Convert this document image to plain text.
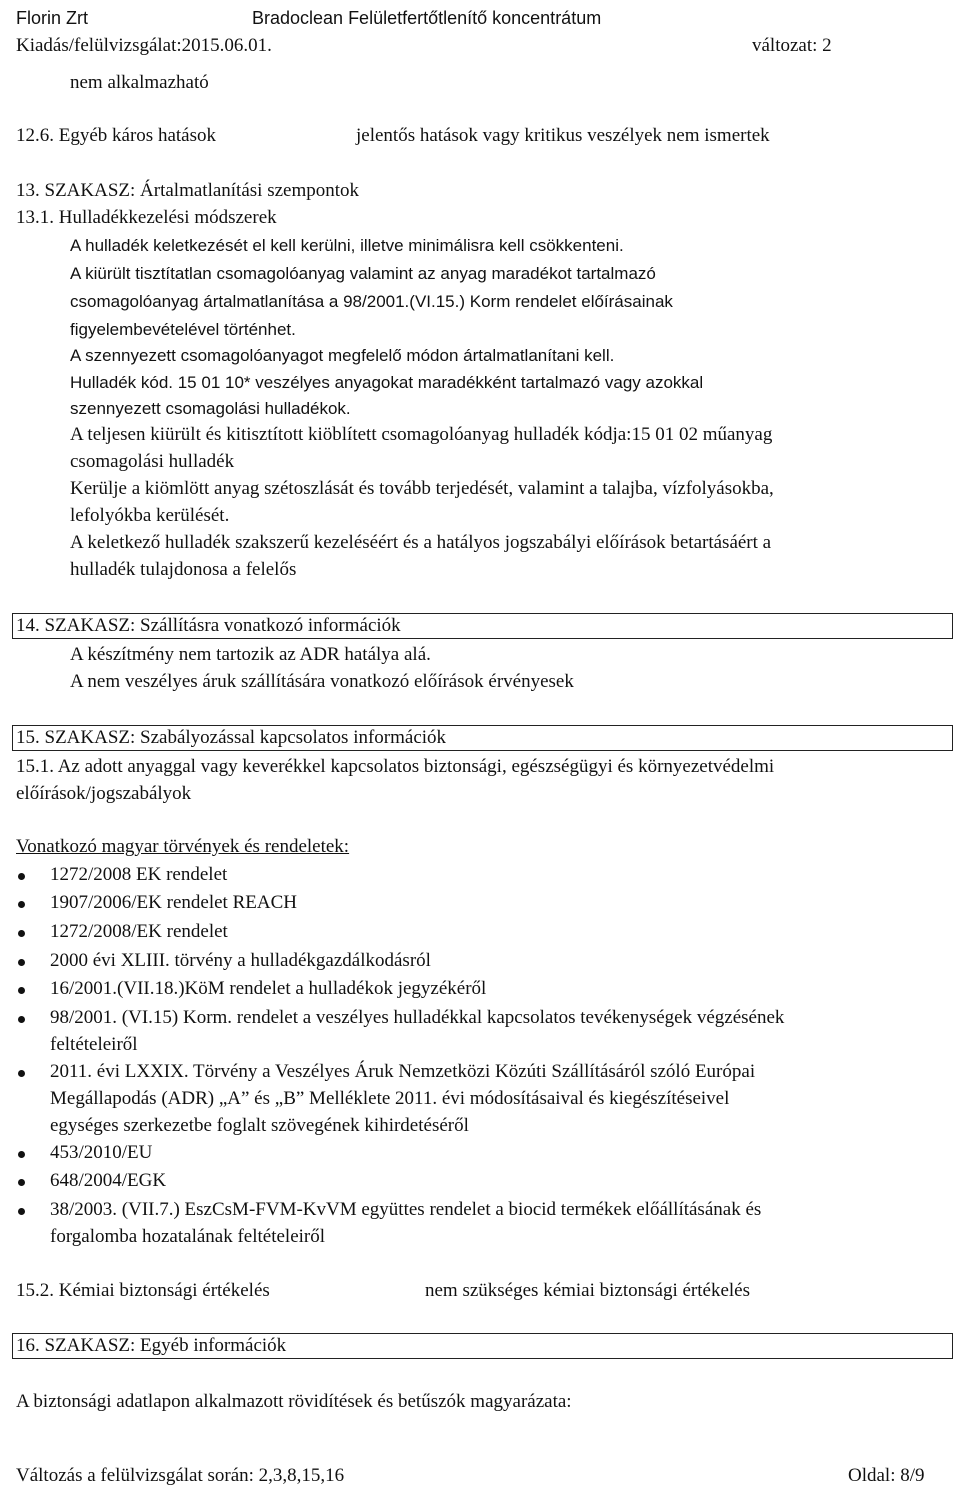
Florin Zrt	Bradoclean Felületfertőtlenítő koncentrátum
Kiadás/felülvizsgálat:2015.06.01.	változat: 2
nem alkalmazható
12.6. Egyéb káros hatások	jelentős hatások vagy kritikus veszélyek nem ismertek
13. SZAKASZ: Ártalmatlanítási szempontok
13.1. Hulladékkezelési módszerek
A hulladék keletkezését el kell kerülni, illetve minimálisra kell csökkenteni.
A kiürült tisztítatlan csomagolóanyag valamint az anyag maradékot tartalmazó
csomagolóanyag ártalmatlanítása a 98/2001.(VI.15.) Korm rendelet előírásainak
figyelembevételével történhet.
A szennyezett csomagolóanyagot megfelelő módon ártalmatlanítani kell.
Hulladék kód. 15 01 10* veszélyes anyagokat maradékként tartalmazó vagy azokkal
szennyezett csomagolási hulladékok.
A teljesen kiürült és kitisztított kiöblített csomagolóanyag hulladék kódja:15 01 02 műanyag
csomagolási hulladék
Kerülje a kiömlött anyag szétoszlását és tovább terjedését, valamint a talajba, vízfolyásokba,
lefolyókba kerülését.
A keletkező hulladék szakszerű kezeléséért és a hatályos jogszabályi előírások betartásáért a
hulladék tulajdonosa a felelős
14. SZAKASZ: Szállításra vonatkozó információk
A készítmény nem tartozik az ADR hatálya alá.
A nem veszélyes áruk szállítására vonatkozó előírások érvényesek
15. SZAKASZ: Szabályozással kapcsolatos információk
15.1. Az adott anyaggal vagy keverékkel kapcsolatos biztonsági, egészségügyi és környezetvédelmi
előírások/jogszabályok
Vonatkozó magyar törvények és rendeletek:
1272/2008 EK rendelet
1907/2006/EK rendelet REACH
1272/2008/EK rendelet
2000 évi XLIII. törvény a hulladékgazdálkodásról
16/2001.(VII.18.)KöM rendelet a hulladékok jegyzékéről
98/2001. (VI.15) Korm. rendelet a veszélyes hulladékkal kapcsolatos tevékenységek végzésének
feltételeiről
2011. évi LXXIX. Törvény a Veszélyes Áruk Nemzetközi Közúti Szállításáról szóló Európai
Megállapodás (ADR) „A” és „B” Melléklete 2011. évi módosításaival és kiegészítéseivel
egységes szerkezetbe foglalt szövegének kihirdetéséről
453/2010/EU
648/2004/EGK
38/2003. (VII.7.) EszCsM-FVM-KvVM együttes rendelet a biocid termékek előállításának és
forgalomba hozatalának feltételeiről
15.2. Kémiai biztonsági értékelés	nem szükséges kémiai biztonsági értékelés
16. SZAKASZ: Egyéb információk
A biztonsági adatlapon alkalmazott rövidítések és betűszók magyarázata:
Változás a felülvizsgálat során: 2,3,8,15,16	Oldal: 8/9
